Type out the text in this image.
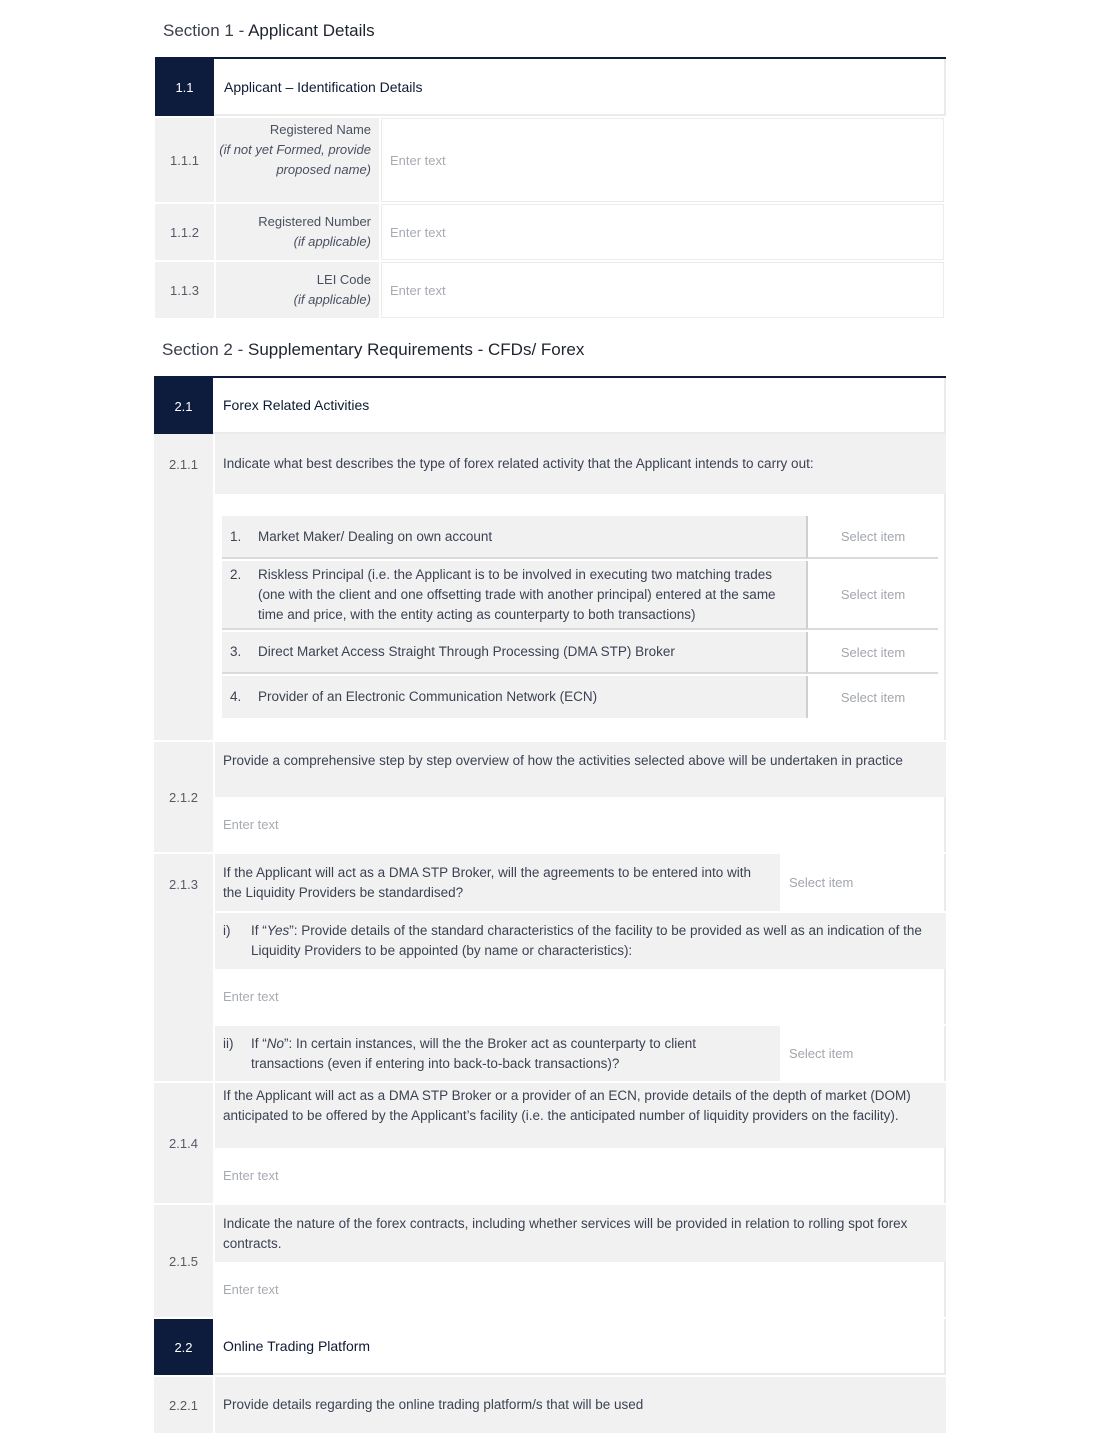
Section 1 - Applicant Details
1.1	Applicant – Identification Details
1.1.1
Registered Name
(if not yet Formed, provide proposed name)
Enter text
1.1.2
Registered Number
(if applicable)
Enter text
1.1.3
LEI Code
(if applicable)
Enter text
Section 2 - Supplementary Requirements - CFDs/ Forex
2.1	Forex Related Activities
2.1.1	Indicate what best describes the type of forex related activity that the Applicant intends to carry out:
1.	Market Maker/ Dealing on own account	Select item
2. Riskless Principal (i.e. the Applicant is to be involved in executing two matching trades (one with the client and one offsetting trade with another principal) entered at the same time and price, with the entity acting as counterparty to both transactions)
Select item
3.	Direct Market Access Straight Through Processing (DMA STP) Broker	Select item
4.	Provider of an Electronic Communication Network (ECN)	Select item
2.1.2
Provide a comprehensive step by step overview of how the activities selected above will be undertaken in practice
Enter text
2.1.3
If the Applicant will act as a DMA STP Broker, will the agreements to be entered into with the Liquidity Providers be standardised?
Select item
i) If “Yes”: Provide details of the standard characteristics of the facility to be provided as well as an indication of the Liquidity Providers to be appointed (by name or characteristics):
Enter text
ii) If “No”: In certain instances, will the the Broker act as counterparty to client transactions (even if entering into back-to-back transactions)?
Select item
2.1.4
If the Applicant will act as a DMA STP Broker or a provider of an ECN, provide details of the depth of market (DOM) anticipated to be offered by the Applicant’s facility (i.e. the anticipated number of liquidity providers on the facility).
Enter text
2.1.5
Indicate the nature of the forex contracts, including whether services will be provided in relation to rolling spot forex contracts.
Enter text
2.2	Online Trading Platform
2.2.1	Provide details regarding the online trading platform/s that will be used
